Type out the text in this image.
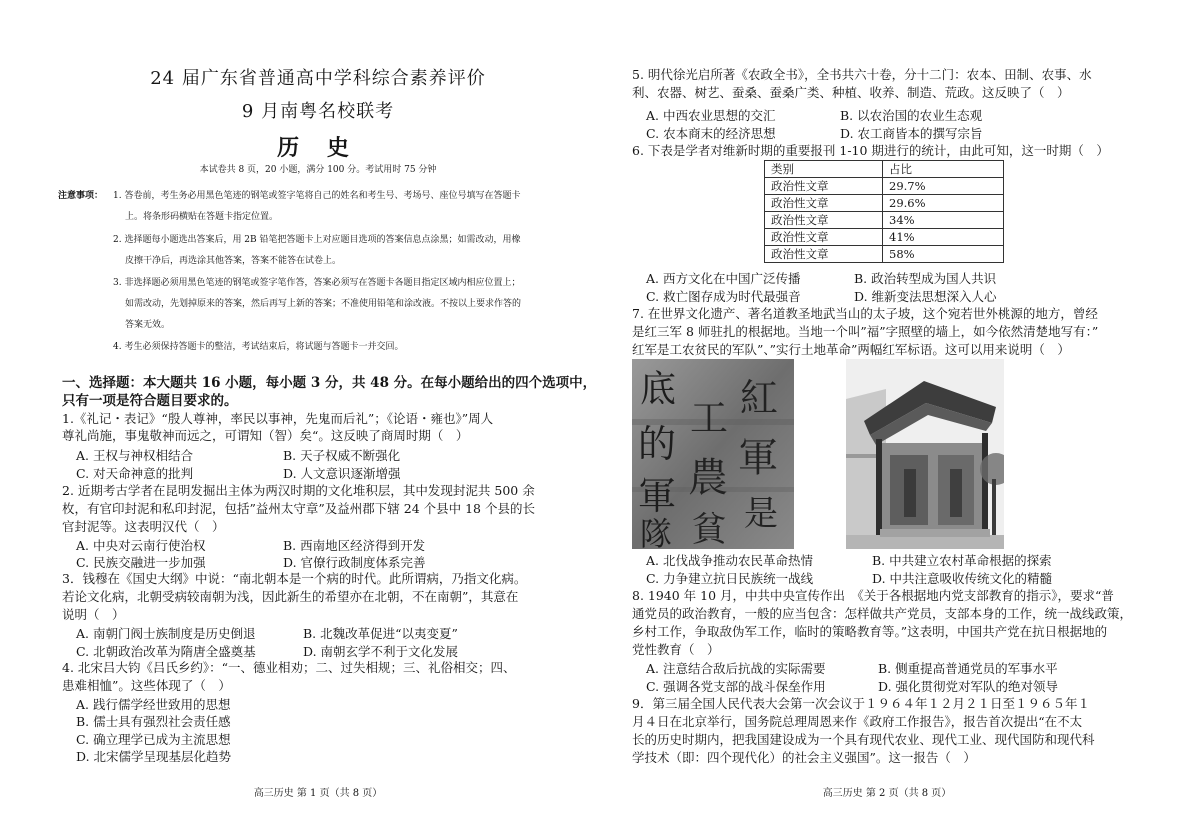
24 届广东省普通高中学科综合素养评价
9 月南粤名校联考
历 史
本试卷共 8 页，20 小题，满分 100 分。考试用时 75 分钟
注意事项： 1. 答卷前，考生务必用黑色笔迹的钢笔或签字笔将自己的姓名和考生号、考场号、座位号填写在答题卡
上。将条形码横贴在答题卡指定位置。
2. 选择题每小题选出答案后，用 2B 铅笔把答题卡上对应题目选项的答案信息点涂黑；如需改动，用橡
皮擦干净后，再选涂其他答案，答案不能答在试卷上。
3. 非选择题必须用黑色笔迹的钢笔或签字笔作答，答案必须写在答题卡各题目指定区域内相应位置上；
如需改动，先划掉原来的答案，然后再写上新的答案；不准使用铅笔和涂改液。不按以上要求作答的
答案无效。
4. 考生必须保持答题卡的整洁，考试结束后，将试题与答题卡一并交回。
一、选择题：本大题共 16 小题，每小题 3 分，共 48 分。在每小题给出的四个选项中，
只有一项是符合题目要求的。
1.《礼记・表记》“殷人尊神，率民以事神，先鬼而后礼”；《论语・雍也》”周人
尊礼尚施，事鬼敬神而远之，可谓知（智）矣“。这反映了商周时期（　）
A. 王权与神权相结合	B. 天子权威不断强化
C. 对天命神意的批判	D. 人文意识逐渐增强
2. 近期考古学者在昆明发掘出主体为两汉时期的文化堆积层，其中发现封泥共 500 余
枚，有官印封泥和私印封泥，包括”益州太守章”及益州郡下辖 24 个县中 18 个县的长
官封泥等。这表明汉代（　）
A. 中央对云南行使治权	B. 西南地区经济得到开发
C. 民族交融进一步加强	D. 官僚行政制度体系完善
3．钱穆在《国史大纲》中说：“南北朝本是一个病的时代。此所谓病，乃指文化病。
若论文化病，北朝受病较南朝为浅，因此新生的希望亦在北朝，不在南朝”，其意在
说明（　）
A. 南朝门阀士族制度是历史倒退	B. 北魏改革促进“以夷变夏”
C. 北朝政治改革为隋唐全盛奠基	D. 南朝玄学不利于文化发展
4. 北宋吕大钧《吕氏乡约》：“一、德业相劝；二、过失相规；三、礼俗相交；四、
患难相恤”。这些体现了（　）
A. 践行儒学经世致用的思想
B. 儒士具有强烈社会责任感
C. 确立理学已成为主流思想
D. 北宋儒学呈现基层化趋势
高三历史 第 1 页（共 8 页）
5. 明代徐光启所著《农政全书》，全书共六十卷，分十二门：农本、田制、农事、水
利、农器、树艺、蚕桑、蚕桑广类、种植、收养、制造、荒政。这反映了（　）
A. 中西农业思想的交汇	B. 以农治国的农业生态观
C. 农本商末的经济思想	D. 农工商皆本的撰写宗旨
6. 下表是学者对维新时期的重要报刊 1-10 期进行的统计，由此可知，这一时期（　）
类别	占比
政治性文章	29.7%
政治性文章	29.6%
政治性文章	34%
政治性文章	41%
政治性文章	58%
A. 西方文化在中国广泛传播	B. 政治转型成为国人共识
C. 救亡图存成为时代最强音	D. 维新变法思想深入人心
7. 在世界文化遗产、著名道教圣地武当山的太子坡，这个宛若世外桃源的地方，曾经
是红三军 8 师驻扎的根据地。当地一个叫”福”字照壁的墙上，如今依然清楚地写有：”
红军是工农贫民的军队”、”实行土地革命”两幅红军标语。这可以用来说明（　）
底
的
軍
隊
工
農
貧
紅
軍
是
A. 北伐战争推动农民革命热情	B. 中共建立农村革命根据的探索
C. 力争建立抗日民族统一战线	D. 中共注意吸收传统文化的精髓
8. 1940 年 10 月，中共中央宣传作出　《关于各根据地内党支部教育的指示》，要求“普
通党员的政治教育，一般的应当包含：怎样做共产党员，支部本身的工作，统一战线政策，
乡村工作，争取敌伪军工作，临时的策略教育等。”这表明，中国共产党在抗日根据地的
党性教育（　）
A. 注意结合敌后抗战的实际需要	B. 侧重提高普通党员的军事水平
C. 强调各党支部的战斗保垒作用	D. 强化贯彻党对军队的绝对领导
9．第三届全国人民代表大会第一次会议于１９６４年１２月２１日至１９６５年１
月４日在北京举行，国务院总理周恩来作《政府工作报告》，报告首次提出“在不太
长的历史时期内，把我国建设成为一个具有现代农业、现代工业、现代国防和现代科
学技术（即：四个现代化）的社会主义强国”。这一报告（　）
高三历史 第 2 页（共 8 页）
